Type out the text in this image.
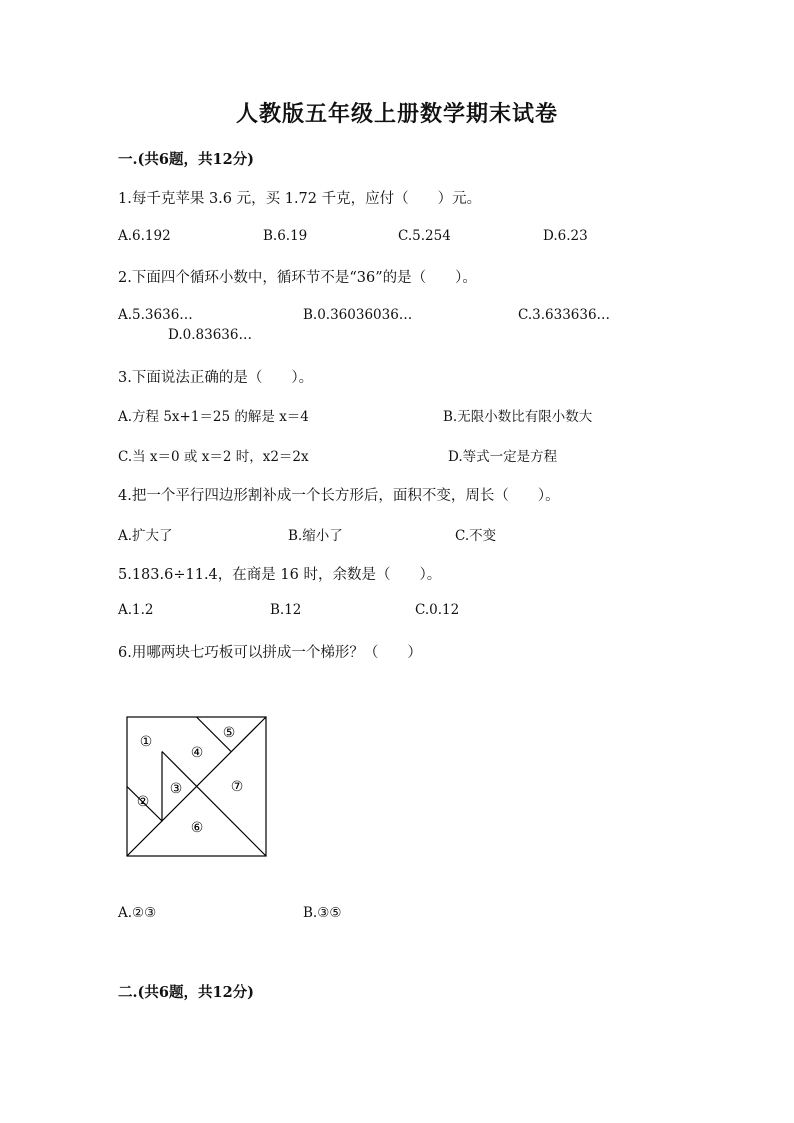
人教版五年级上册数学期末试卷
一.(共6题，共12分)
1.每千克苹果 3.6 元，买 1.72 千克，应付（　　）元。
A.6.192	B.6.19	C.5.254	D.6.23
2.下面四个循环小数中，循环节不是“36”的是（　　）。
A.5.3636…	B.0.36036036…	C.3.633636…
D.0.83636…
3.下面说法正确的是（　　）。
A.方程 5x+1＝25 的解是 x＝4	B.无限小数比有限小数大
C.当 x＝0 或 x＝2 时，x2＝2x	D.等式一定是方程
4.把一个平行四边形割补成一个长方形后，面积不变，周长（　　）。
A.扩大了	B.缩小了	C.不变
5.183.6÷11.4，在商是 16 时，余数是（　　）。
A.1.2	B.12	C.0.12
6.用哪两块七巧板可以拼成一个梯形？（　　）
①
②
③
④
⑤
⑥
⑦
A.②③	B.③⑤
二.(共6题，共12分)
